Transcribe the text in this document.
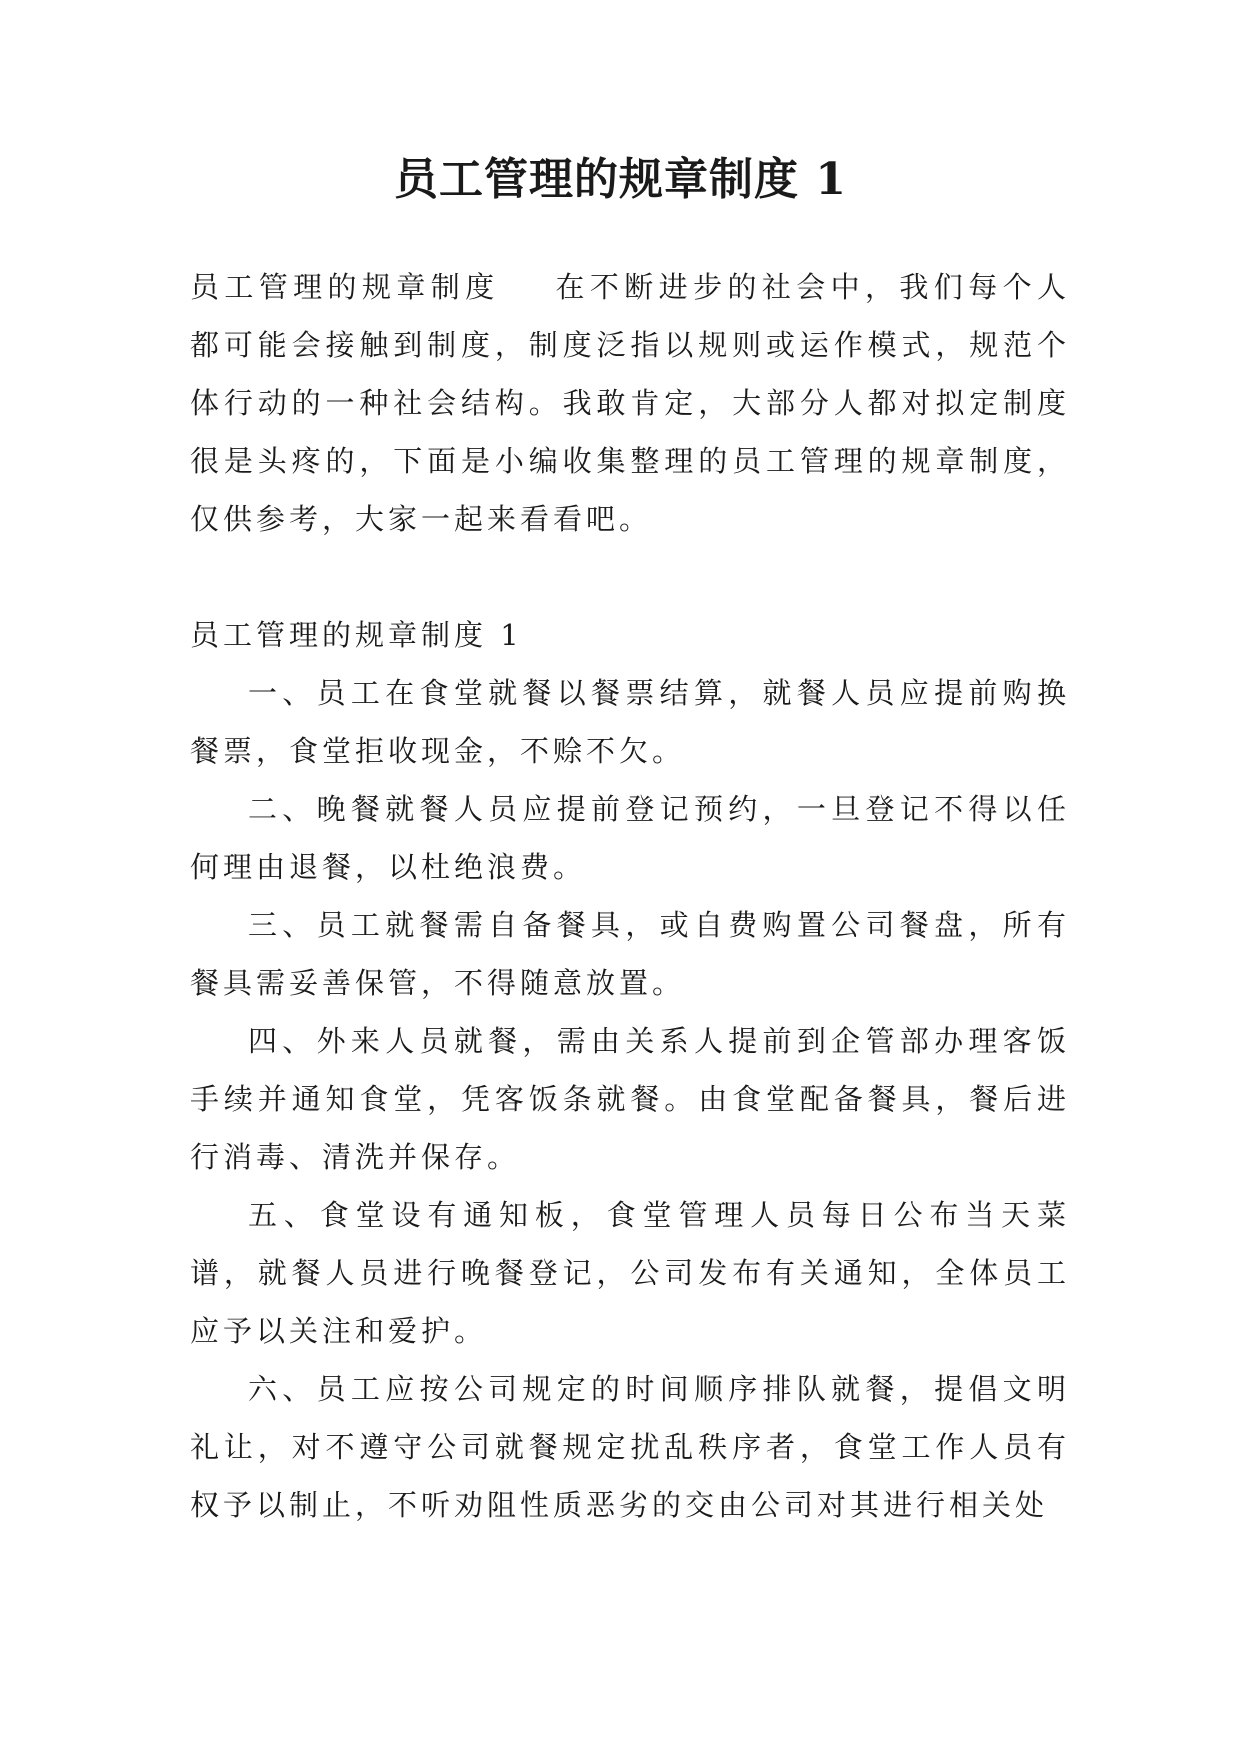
员工管理的规章制度 1

员工管理的规章制度 在不断进步的社会中，我们每个人都可能会接触到制度，制度泛指以规则或运作模式，规范个体行动的一种社会结构。我敢肯定，大部分人都对拟定制度很是头疼的，下面是小编收集整理的员工管理的规章制度，仅供参考，大家一起来看看吧。

员工管理的规章制度 1

一、员工在食堂就餐以餐票结算，就餐人员应提前购换餐票，食堂拒收现金，不赊不欠。

二、晚餐就餐人员应提前登记预约，一旦登记不得以任何理由退餐，以杜绝浪费。

三、员工就餐需自备餐具，或自费购置公司餐盘，所有餐具需妥善保管，不得随意放置。

四、外来人员就餐，需由关系人提前到企管部办理客饭手续并通知食堂，凭客饭条就餐。由食堂配备餐具，餐后进行消毒、清洗并保存。

五、食堂设有通知板，食堂管理人员每日公布当天菜谱，就餐人员进行晚餐登记，公司发布有关通知，全体员工应予以关注和爱护。

六、员工应按公司规定的时间顺序排队就餐，提倡文明礼让，对不遵守公司就餐规定扰乱秩序者，食堂工作人员有权予以制止，不听劝阻性质恶劣的交由公司对其进行相关处
